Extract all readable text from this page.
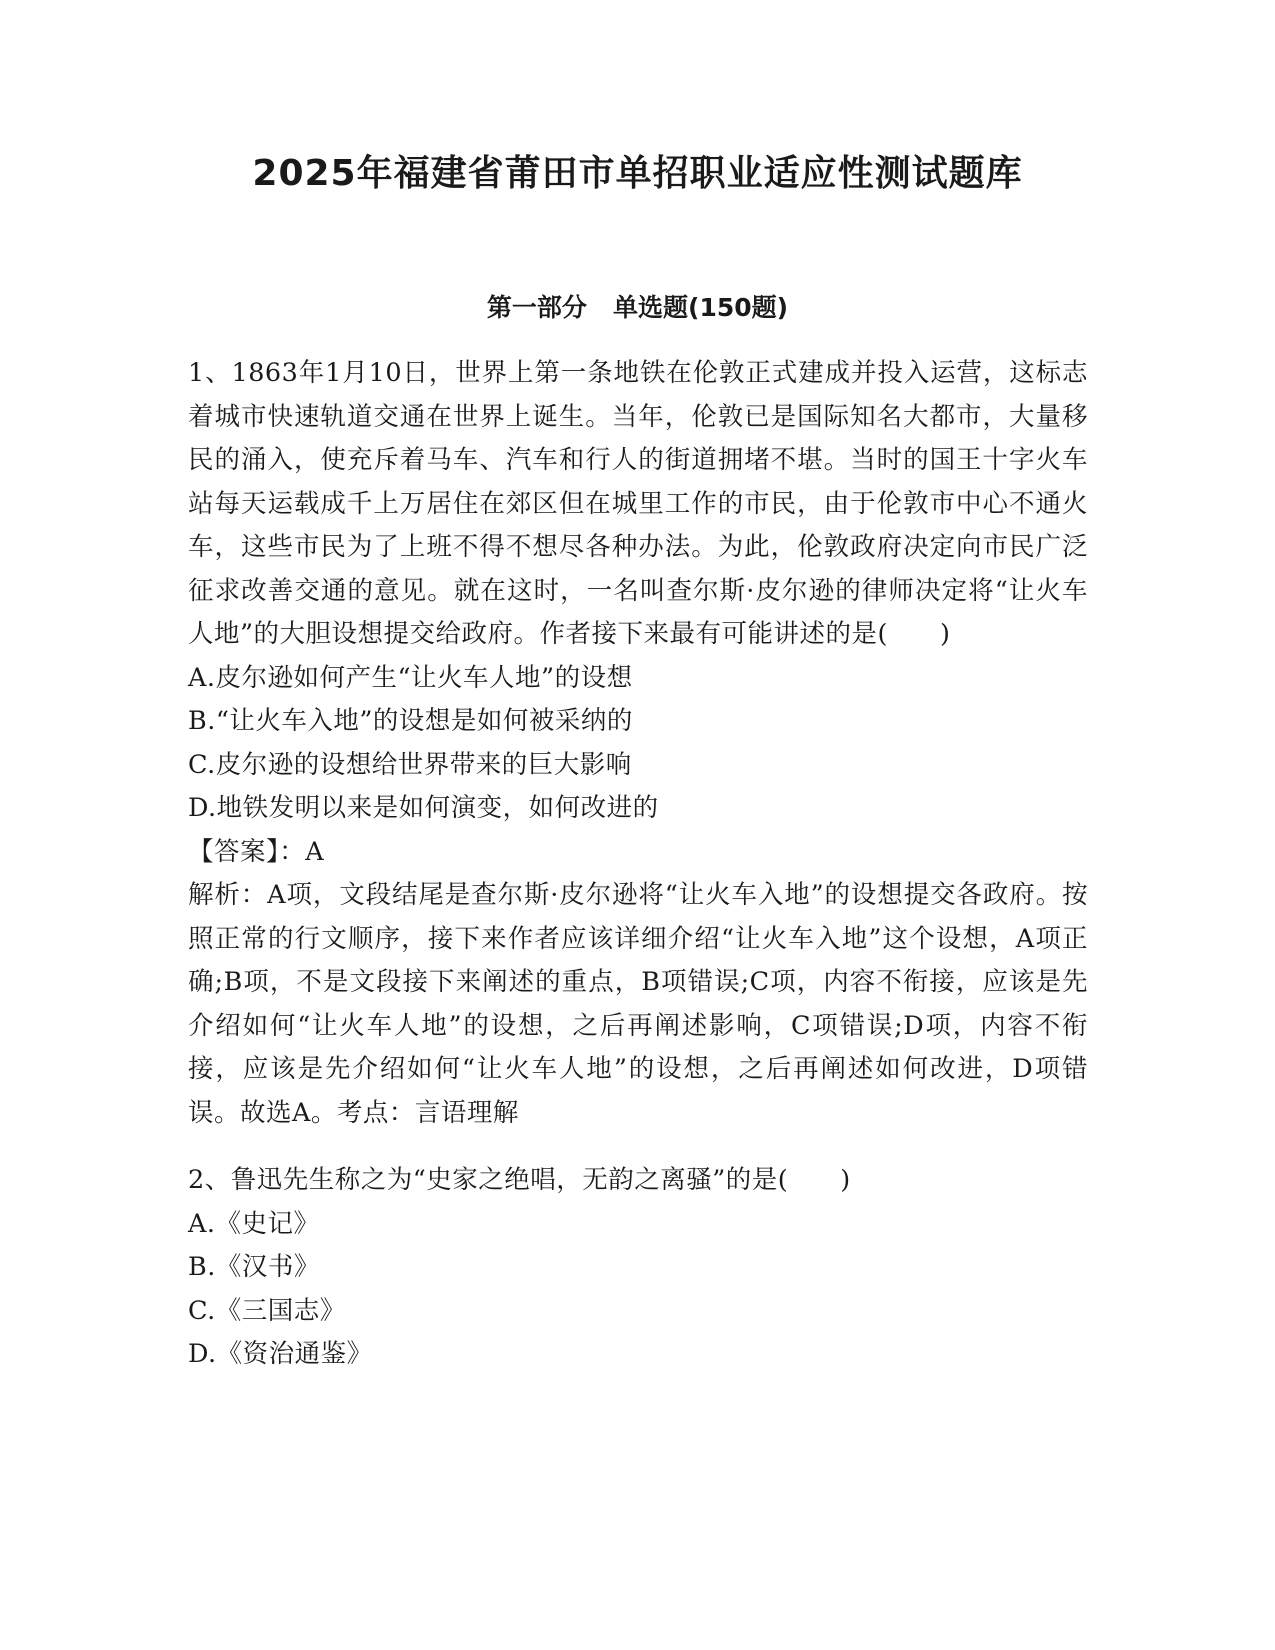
2025年福建省莆田市单招职业适应性测试题库
第一部分   单选题(150题)

1、1863年1月10日，世界上第一条地铁在伦敦正式建成并投入运营，这标志着城市快速轨道交通在世界上诞生。当年，伦敦已是国际知名大都市，大量移民的涌入，使充斥着马车、汽车和行人的街道拥堵不堪。当时的国王十字火车站每天运载成千上万居住在郊区但在城里工作的市民，由于伦敦市中心不通火车，这些市民为了上班不得不想尽各种办法。为此，伦敦政府决定向市民广泛征求改善交通的意见。就在这时，一名叫查尔斯·皮尔逊的律师决定将“让火车人地”的大胆设想提交给政府。作者接下来最有可能讲述的是(　　)

A.皮尔逊如何产生“让火车人地”的设想

B.“让火车入地”的设想是如何被采纳的

C.皮尔逊的设想给世界带来的巨大影响

D.地铁发明以来是如何演变，如何改进的

【答案】：A

解析：A项，文段结尾是查尔斯·皮尔逊将“让火车入地”的设想提交各政府。按照正常的行文顺序，接下来作者应该详细介绍“让火车入地”这个设想，A项正确;B项，不是文段接下来阐述的重点，B项错误;C项，内容不衔接，应该是先介绍如何“让火车人地”的设想，之后再阐述影响，C项错误;D项，内容不衔接，应该是先介绍如何“让火车人地”的设想，之后再阐述如何改进，D项错误。故选A。考点：言语理解

2、鲁迅先生称之为“史家之绝唱，无韵之离骚”的是(　　)

A.《史记》

B.《汉书》

C.《三国志》

D.《资治通鉴》
